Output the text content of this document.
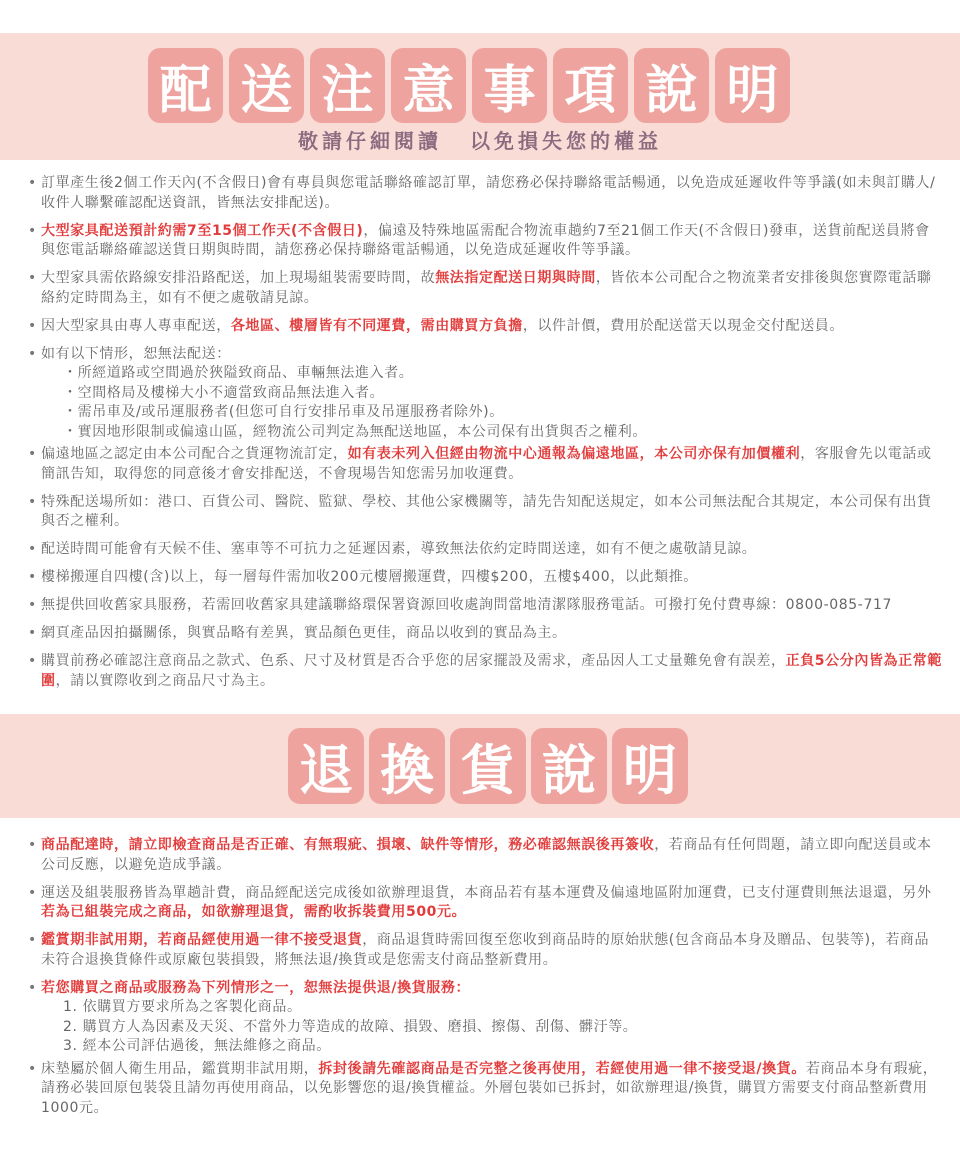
配 送 注 意 事 項 說 明
敬請仔細閱讀 以免損失您的權益
• 訂單產生後2個工作天內(不含假日)會有專員與您電話聯絡確認訂單，請您務必保持聯絡電話暢通，以免造成延遲收件等爭議(如未與訂購人/收件人聯繫確認配送資訊，皆無法安排配送)。
• 大型家具配送預計約需7至15個工作天(不含假日)，偏遠及特殊地區需配合物流車趟約7至21個工作天(不含假日)發車，送貨前配送員將會與您電話聯絡確認送貨日期與時間，請您務必保持聯絡電話暢通，以免造成延遲收件等爭議。
• 大型家具需依路線安排沿路配送，加上現場組裝需要時間，故無法指定配送日期與時間，皆依本公司配合之物流業者安排後與您實際電話聯絡約定時間為主，如有不便之處敬請見諒。
• 因大型家具由專人專車配送，各地區、樓層皆有不同運費，需由購買方負擔，以件計價，費用於配送當天以現金交付配送員。
• 如有以下情形，恕無法配送：
・所經道路或空間過於狹隘致商品、車輛無法進入者。
・空間格局及樓梯大小不適當致商品無法進入者。
・需吊車及/或吊運服務者(但您可自行安排吊車及吊運服務者除外)。
・實因地形限制或偏遠山區，經物流公司判定為無配送地區，本公司保有出貨與否之權利。
• 偏遠地區之認定由本公司配合之貨運物流訂定，如有表未列入但經由物流中心通報為偏遠地區，本公司亦保有加價權利，客服會先以電話或簡訊告知，取得您的同意後才會安排配送，不會現場告知您需另加收運費。
• 特殊配送場所如：港口、百貨公司、醫院、監獄、學校、其他公家機關等，請先告知配送規定，如本公司無法配合其規定，本公司保有出貨與否之權利。
• 配送時間可能會有天候不佳、塞車等不可抗力之延遲因素，導致無法依約定時間送達，如有不便之處敬請見諒。
• 樓梯搬運自四樓(含)以上，每一層每件需加收200元樓層搬運費，四樓$200，五樓$400，以此類推。
• 無提供回收舊家具服務，若需回收舊家具建議聯絡環保署資源回收處詢問當地清潔隊服務電話。可撥打免付費專線：0800-085-717
• 網頁產品因拍攝關係，與實品略有差異，實品顏色更佳，商品以收到的實品為主。
• 購買前務必確認注意商品之款式、色系、尺寸及材質是否合乎您的居家擺設及需求，產品因人工丈量難免會有誤差，正負5公分內皆為正常範圍，請以實際收到之商品尺寸為主。
退 換 貨 說 明
• 商品配達時，請立即檢查商品是否正確、有無瑕疵、損壞、缺件等情形，務必確認無誤後再簽收，若商品有任何問題，請立即向配送員或本公司反應，以避免造成爭議。
• 運送及組裝服務皆為單趟計費，商品經配送完成後如欲辦理退貨，本商品若有基本運費及偏遠地區附加運費，已支付運費則無法退還，另外若為已組裝完成之商品，如欲辦理退貨，需酌收拆裝費用500元。
• 鑑賞期非試用期，若商品經使用過一律不接受退貨，商品退貨時需回復至您收到商品時的原始狀態(包含商品本身及贈品、包裝等)，若商品未符合退換貨條件或原廠包裝損毀，將無法退/換貨或是您需支付商品整新費用。
• 若您購買之商品或服務為下列情形之一，恕無法提供退/換貨服務：
1. 依購買方要求所為之客製化商品。
2. 購買方人為因素及天災、不當外力等造成的故障、損毀、磨損、擦傷、刮傷、髒汙等。
3. 經本公司評估過後，無法維修之商品。
• 床墊屬於個人衛生用品，鑑賞期非試用期，拆封後請先確認商品是否完整之後再使用，若經使用過一律不接受退/換貨。若商品本身有瑕疵，請務必裝回原包裝袋且請勿再使用商品，以免影響您的退/換貨權益。外層包裝如已拆封，如欲辦理退/換貨，購買方需要支付商品整新費用1000元。
